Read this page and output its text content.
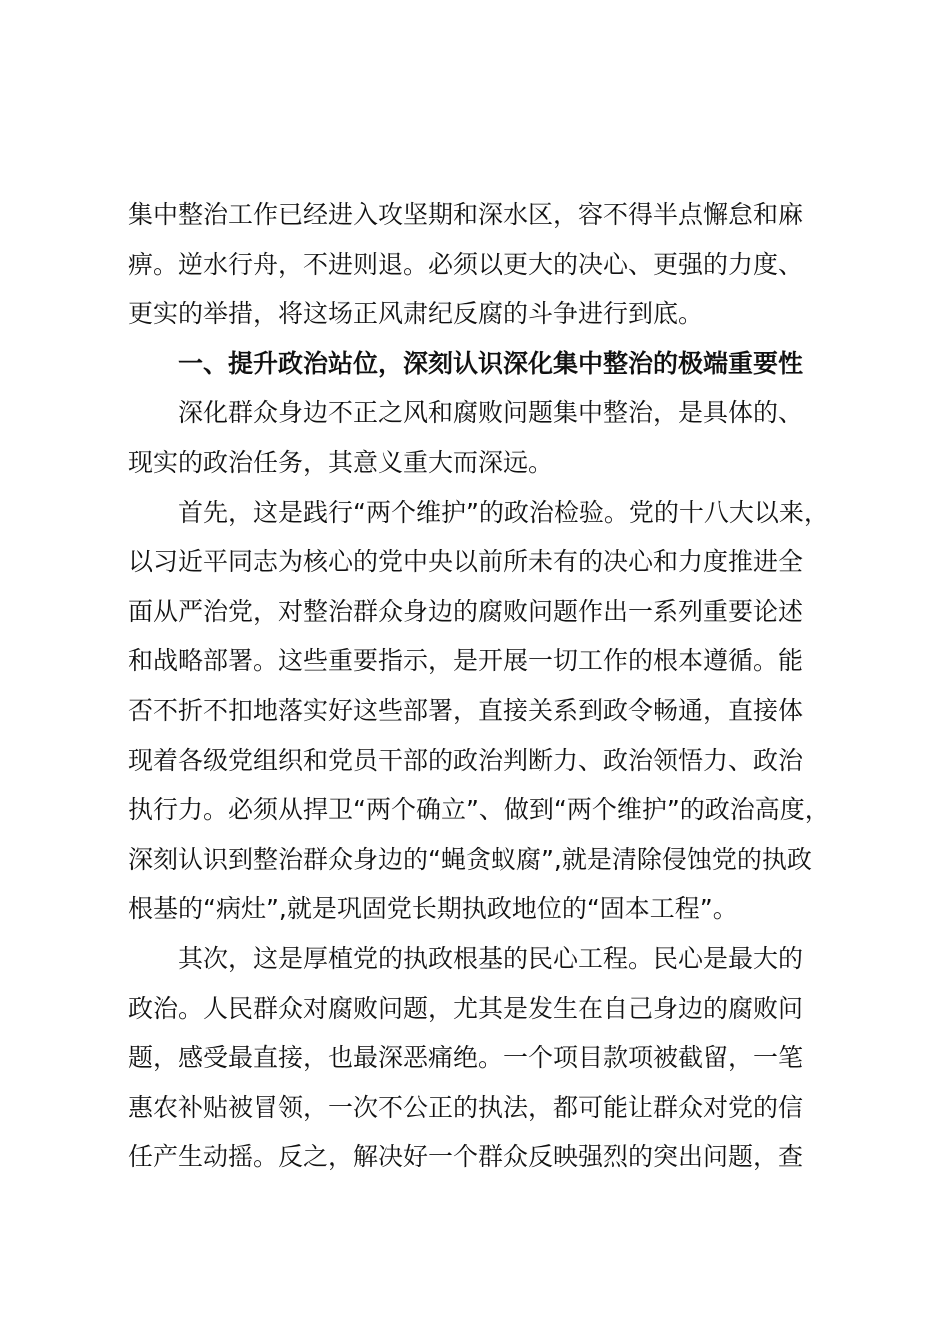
集中整治工作已经进入攻坚期和深水区，容不得半点懈怠和麻
痹。逆水行舟，不进则退。必须以更大的决心、更强的力度、
更实的举措，将这场正风肃纪反腐的斗争进行到底。
一、提升政治站位，深刻认识深化集中整治的极端重要性
深化群众身边不正之风和腐败问题集中整治，是具体的、
现实的政治任务，其意义重大而深远。
首先，这是践行“两个维护”的政治检验。党的十八大以来，
以习近平同志为核心的党中央以前所未有的决心和力度推进全
面从严治党，对整治群众身边的腐败问题作出一系列重要论述
和战略部署。这些重要指示，是开展一切工作的根本遵循。能
否不折不扣地落实好这些部署，直接关系到政令畅通，直接体
现着各级党组织和党员干部的政治判断力、政治领悟力、政治
执行力。必须从捍卫“两个确立”、做到“两个维护”的政治高度，
深刻认识到整治群众身边的“蝇贪蚁腐”,就是清除侵蚀党的执政
根基的“病灶”,就是巩固党长期执政地位的“固本工程”。
其次，这是厚植党的执政根基的民心工程。民心是最大的
政治。人民群众对腐败问题，尤其是发生在自己身边的腐败问
题，感受最直接，也最深恶痛绝。一个项目款项被截留，一笔
惠农补贴被冒领，一次不公正的执法，都可能让群众对党的信
任产生动摇。反之，解决好一个群众反映强烈的突出问题，查
